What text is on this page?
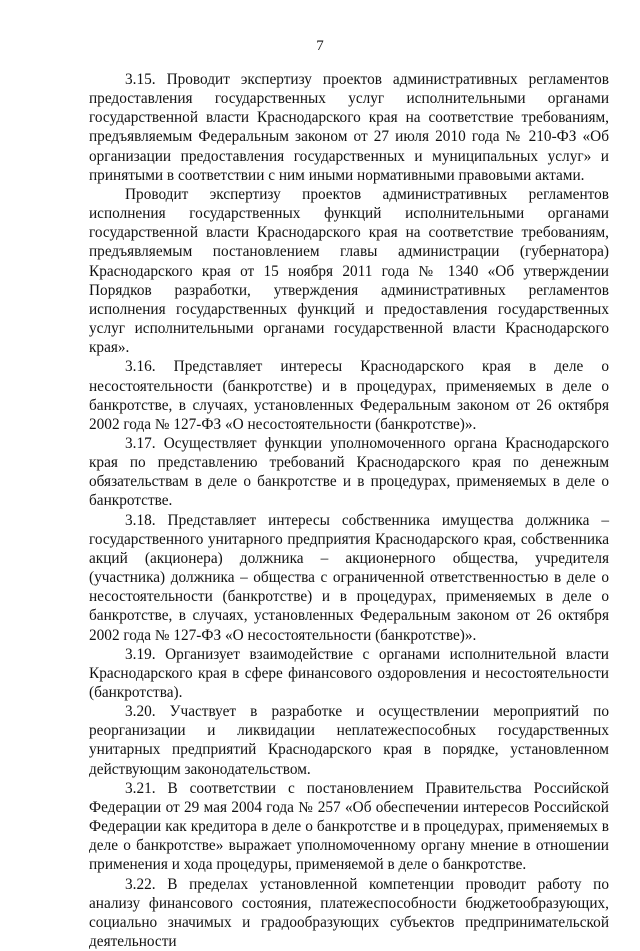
7

3.15. Проводит экспертизу проектов административных регламентов предоставления государственных услуг исполнительными органами государственной власти Краснодарского края на соответствие требованиям, предъявляемым Федеральным законом от 27 июля 2010 года № 210-ФЗ «Об организации предоставления государственных и муниципальных услуг» и принятыми в соответствии с ним иными нормативными правовыми актами.

Проводит экспертизу проектов административных регламентов исполнения государственных функций исполнительными органами государственной власти Краснодарского края на соответствие требованиям, предъявляемым постановлением главы администрации (губернатора) Краснодарского края от 15 ноября 2011 года № 1340 «Об утверждении Порядков разработки, утверждения административных регламентов исполнения государственных функций и предоставления государственных услуг исполнительными органами государственной власти Краснодарского края».

3.16. Представляет интересы Краснодарского края в деле о несостоятельности (банкротстве) и в процедурах, применяемых в деле о банкротстве, в случаях, установленных Федеральным законом от 26 октября 2002 года № 127-ФЗ «О несостоятельности (банкротстве)».

3.17. Осуществляет функции уполномоченного органа Краснодарского края по представлению требований Краснодарского края по денежным обязательствам в деле о банкротстве и в процедурах, применяемых в деле о банкротстве.

3.18. Представляет интересы собственника имущества должника – государственного унитарного предприятия Краснодарского края, собственника акций (акционера) должника – акционерного общества, учредителя (участника) должника – общества с ограниченной ответственностью в деле о несостоятельности (банкротстве) и в процедурах, применяемых в деле о банкротстве, в случаях, установленных Федеральным законом от 26 октября 2002 года № 127-ФЗ «О несостоятельности (банкротстве)».

3.19. Организует взаимодействие с органами исполнительной власти Краснодарского края в сфере финансового оздоровления и несостоятельности (банкротства).

3.20. Участвует в разработке и осуществлении мероприятий по реорганизации и ликвидации неплатежеспособных государственных унитарных предприятий Краснодарского края в порядке, установленном действующим законодательством.

3.21. В соответствии с постановлением Правительства Российской Федерации от 29 мая 2004 года № 257 «Об обеспечении интересов Российской Федерации как кредитора в деле о банкротстве и в процедурах, применяемых в деле о банкротстве» выражает уполномоченному органу мнение в отношении применения и хода процедуры, применяемой в деле о банкротстве.

3.22. В пределах установленной компетенции проводит работу по анализу финансового состояния, платежеспособности бюджетообразующих, социально значимых и градообразующих субъектов предпринимательской деятельности
